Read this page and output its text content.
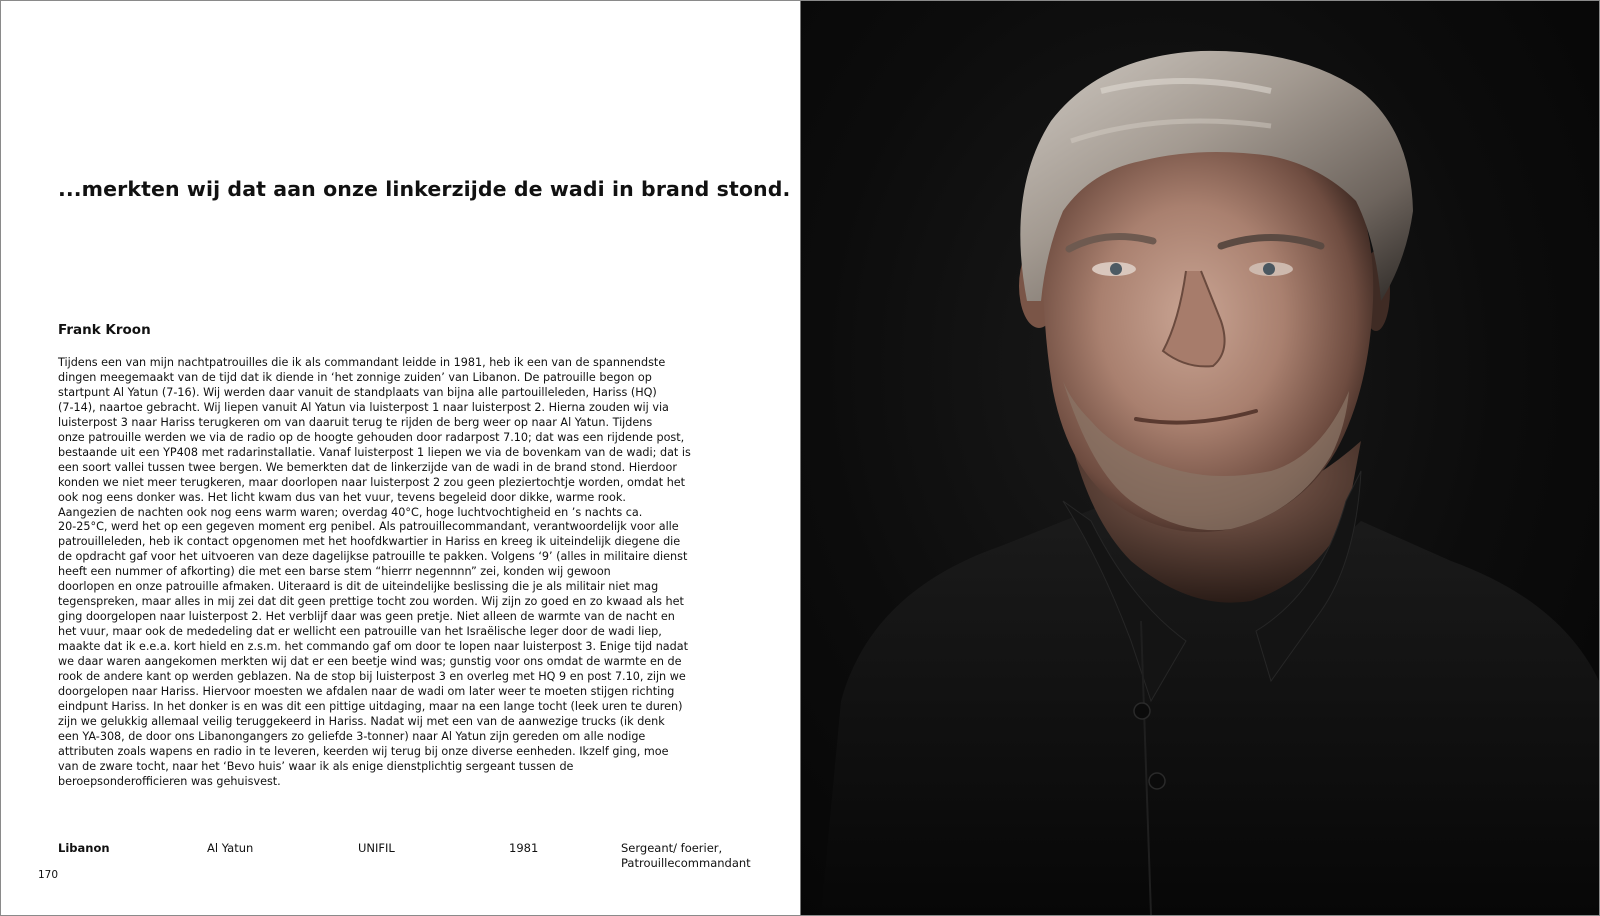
...merkten wij dat aan onze linkerzijde de wadi in brand stond.
Frank Kroon
Tijdens een van mijn nachtpatrouilles die ik als commandant leidde in 1981, heb ik een van de spannendste
dingen meegemaakt van de tijd dat ik diende in ‘het zonnige zuiden’ van Libanon. De patrouille begon op
startpunt Al Yatun (7-16). Wij werden daar vanuit de standplaats van bijna alle partouilleleden, Hariss (HQ)
(7-14), naartoe gebracht. Wij liepen vanuit Al Yatun via luisterpost 1 naar luisterpost 2. Hierna zouden wij via
luisterpost 3 naar Hariss terugkeren om van daaruit terug te rijden de berg weer op naar Al Yatun. Tijdens
onze patrouille werden we via de radio op de hoogte gehouden door radarpost 7.10; dat was een rijdende post,
bestaande uit een YP408 met radarinstallatie. Vanaf luisterpost 1 liepen we via de bovenkam van de wadi; dat is
een soort vallei tussen twee bergen. We bemerkten dat de linkerzijde van de wadi in de brand stond. Hierdoor
konden we niet meer terugkeren, maar doorlopen naar luisterpost 2 zou geen pleziertochtje worden, omdat het
ook nog eens donker was. Het licht kwam dus van het vuur, tevens begeleid door dikke, warme rook.
Aangezien de nachten ook nog eens warm waren; overdag 40°C, hoge luchtvochtigheid en ’s nachts ca.
20-25°C, werd het op een gegeven moment erg penibel. Als patrouillecommandant, verantwoordelijk voor alle
patrouilleleden, heb ik contact opgenomen met het hoofdkwartier in Hariss en kreeg ik uiteindelijk diegene die
de opdracht gaf voor het uitvoeren van deze dagelijkse patrouille te pakken. Volgens ‘9’ (alles in militaire dienst
heeft een nummer of afkorting) die met een barse stem “hierrr negennnn” zei, konden wij gewoon
doorlopen en onze patrouille afmaken. Uiteraard is dit de uiteindelijke beslissing die je als militair niet mag
tegenspreken, maar alles in mij zei dat dit geen prettige tocht zou worden. Wij zijn zo goed en zo kwaad als het
ging doorgelopen naar luisterpost 2. Het verblijf daar was geen pretje. Niet alleen de warmte van de nacht en
het vuur, maar ook de mededeling dat er wellicht een patrouille van het Israëlische leger door de wadi liep,
maakte dat ik e.e.a. kort hield en z.s.m. het commando gaf om door te lopen naar luisterpost 3. Enige tijd nadat
we daar waren aangekomen merkten wij dat er een beetje wind was; gunstig voor ons omdat de warmte en de
rook de andere kant op werden geblazen. Na de stop bij luisterpost 3 en overleg met HQ 9 en post 7.10, zijn we
doorgelopen naar Hariss. Hiervoor moesten we afdalen naar de wadi om later weer te moeten stijgen richting
eindpunt Hariss. In het donker is en was dit een pittige uitdaging, maar na een lange tocht (leek uren te duren)
zijn we gelukkig allemaal veilig teruggekeerd in Hariss. Nadat wij met een van de aanwezige trucks (ik denk
een YA-308, de door ons Libanongangers zo geliefde 3-tonner) naar Al Yatun zijn gereden om alle nodige
attributen zoals wapens en radio in te leveren, keerden wij terug bij onze diverse eenheden. Ikzelf ging, moe
van de zware tocht, naar het ‘Bevo huis’ waar ik als enige dienstplichtig sergeant tussen de
beroepsonderofficieren was gehuisvest.
Libanon	Al Yatun	UNIFIL	1981	Sergeant/ foerier,
Patrouillecommandant
170
